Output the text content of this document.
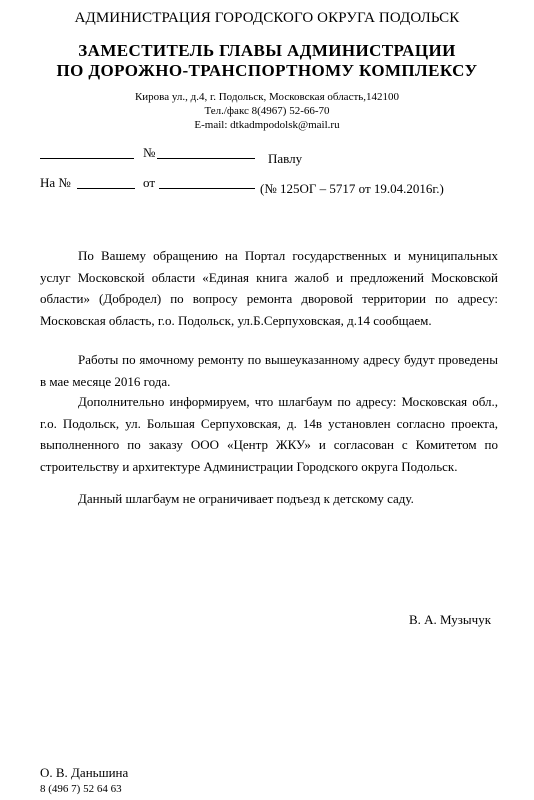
АДМИНИСТРАЦИЯ ГОРОДСКОГО ОКРУГА ПОДОЛЬСК
ЗАМЕСТИТЕЛЬ ГЛАВЫ АДМИНИСТРАЦИИ
ПО ДОРОЖНО-ТРАНСПОРТНОМУ КОМПЛЕКСУ
Кирова ул., д.4, г. Подольск, Московская область,142100
Тел./факс 8(4967) 52-66-70
E-mail: dtkadmpodolsk@mail.ru
№	Павлу
На №	от	(№ 125ОГ – 5717 от 19.04.2016г.)

По Вашему обращению на Портал государственных и муниципальных услуг Московской области «Единая книга жалоб и предложений Московской области» (Добродел) по вопросу ремонта дворовой территории по адресу: Московская область, г.о. Подольск, ул.Б.Серпуховская, д.14 сообщаем.

Работы по ямочному ремонту по вышеуказанному адресу будут проведены в мае месяце 2016 года.

Дополнительно информируем, что шлагбаум по адресу: Московская обл., г.о. Подольск, ул. Большая Серпуховская, д. 14в установлен согласно проекта, выполненного по заказу ООО «Центр ЖКУ» и согласован с Комитетом по строительству и архитектуре Администрации Городского округа Подольск.

Данный шлагбаум не ограничивает подъезд к детскому саду.

В. А. Музычук
О. В. Даньшина
8 (496 7) 52 64 63
